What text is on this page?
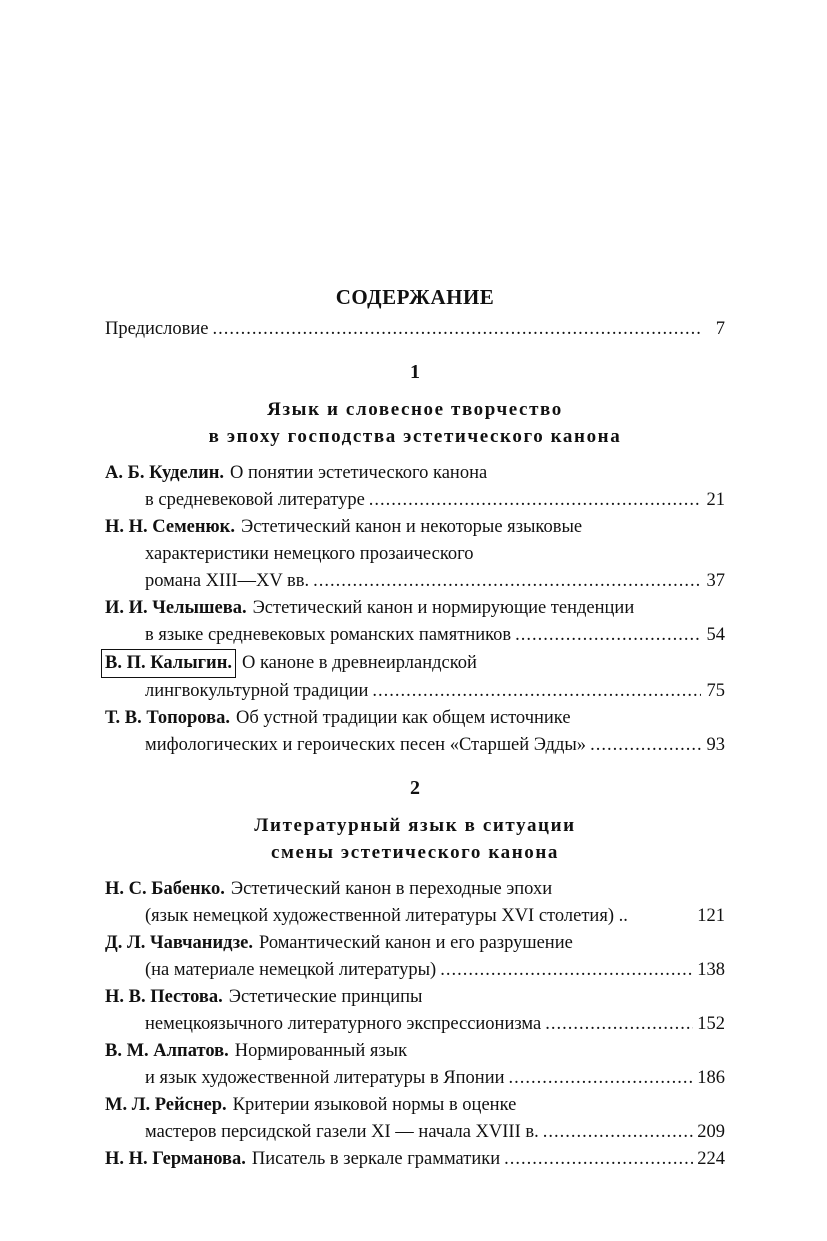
СОДЕРЖАНИЕ
Предисловие .....	7
1
Язык и словесное творчество
в эпоху господства эстетического канона
А. Б. Куделин. О понятии эстетического канона
в средневековой литературе .....	21
Н. Н. Семенюк. Эстетический канон и некоторые языковые
характеристики немецкого прозаического
романа XIII—XV вв. .....	37
И. И. Челышева. Эстетический канон и нормирующие тенденции
в языке средневековых романских памятников .....	54
В. П. Калыгин. О каноне в древнеирландской
лингвокультурной традиции .....	75
Т. В. Топорова. Об устной традиции как общем источнике
мифологических и героических песен «Старшей Эдды» .....	93
2
Литературный язык в ситуации
смены эстетического канона
Н. С. Бабенко. Эстетический канон в переходные эпохи
(язык немецкой художественной литературы XVI столетия) ..	121
Д. Л. Чавчанидзе. Романтический канон и его разрушение
(на материале немецкой литературы) .....	138
Н. В. Пестова. Эстетические принципы
немецкоязычного литературного экспрессионизма .....	152
В. М. Алпатов. Нормированный язык
и язык художественной литературы в Японии .....	186
М. Л. Рейснер. Критерии языковой нормы в оценке
мастеров персидской газели XI — начала XVIII в. .....	209
Н. Н. Германова. Писатель в зеркале грамматики .....	224
